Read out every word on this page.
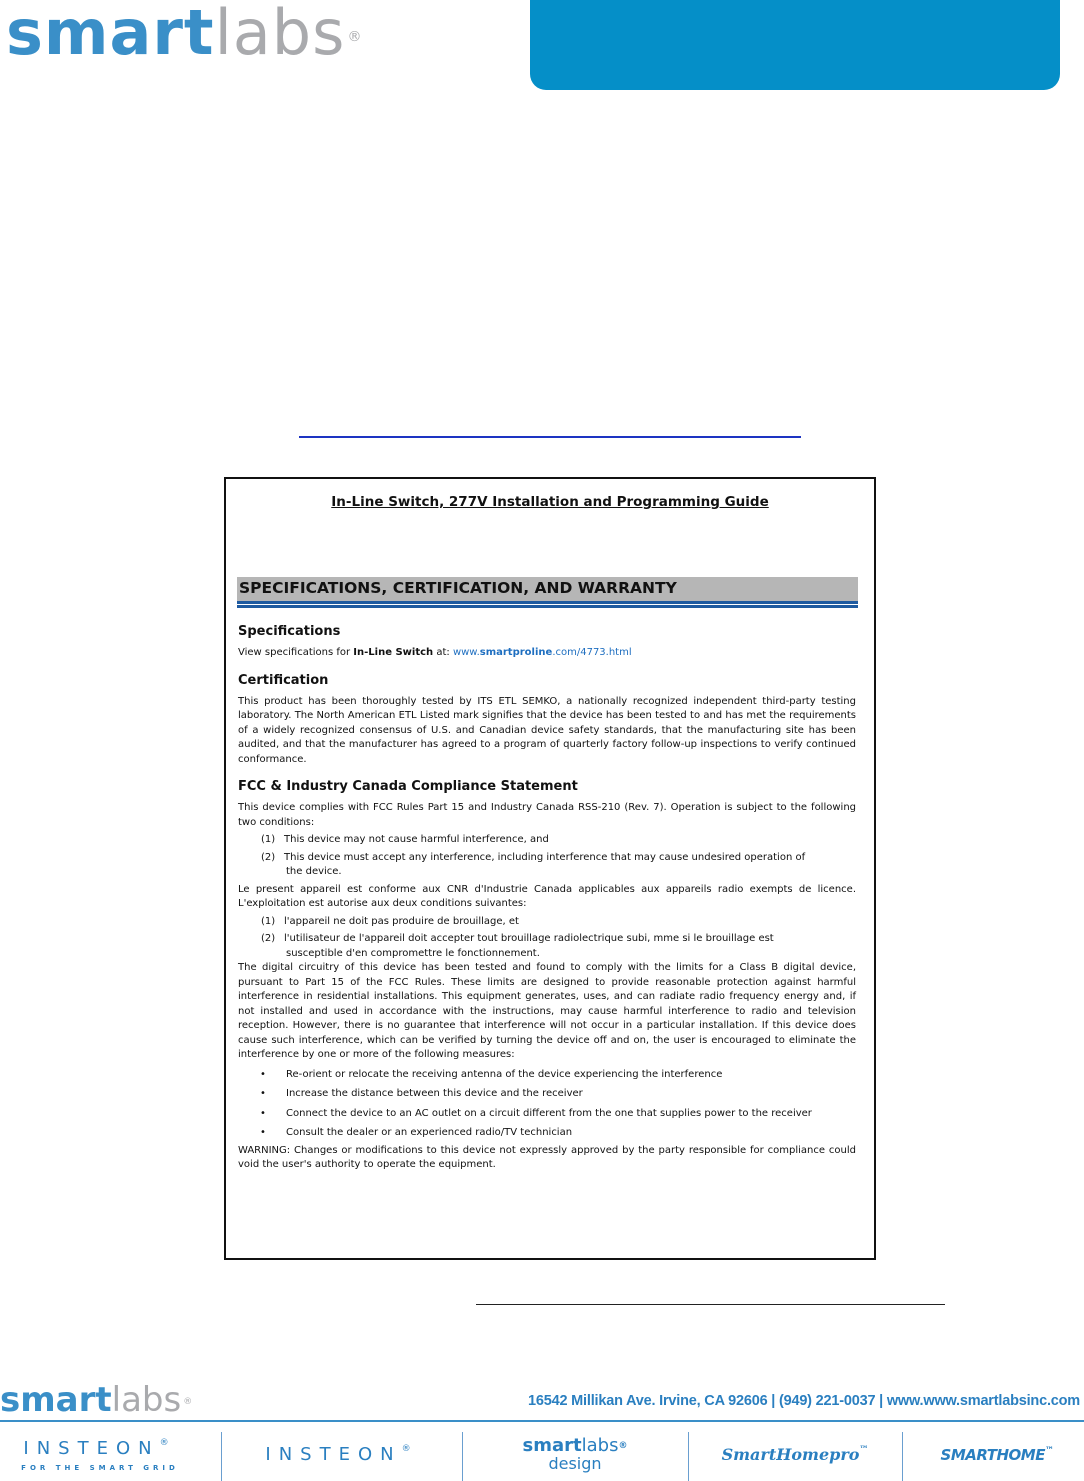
smartlabs ®
In-Line Switch, 277V Installation and Programming Guide
SPECIFICATIONS, CERTIFICATION, AND WARRANTY
Specifications

View specifications for In-Line Switch at: www.smartproline.com/4773.html

Certification

This product has been thoroughly tested by ITS ETL SEMKO, a nationally recognized independent third-party testing laboratory. The North American ETL Listed mark signifies that the device has been tested to and has met the requirements of a widely recognized consensus of U.S. and Canadian device safety standards, that the manufacturing site has been audited, and that the manufacturer has agreed to a program of quarterly factory follow-up inspections to verify continued conformance.

FCC & Industry Canada Compliance Statement

This device complies with FCC Rules Part 15 and Industry Canada RSS-210 (Rev. 7). Operation is subject to the following two conditions:

(1) This device may not cause harmful interference, and
(2) This device must accept any interference, including interference that may cause undesired operation of
the device.

Le present appareil est conforme aux CNR d'Industrie Canada applicables aux appareils radio exempts de licence. L'exploitation est autorise aux deux conditions suivantes:

(1) l'appareil ne doit pas produire de brouillage, et
(2) l'utilisateur de l'appareil doit accepter tout brouillage radiolectrique subi, mme si le brouillage est
susceptible d'en compromettre le fonctionnement.

The digital circuitry of this device has been tested and found to comply with the limits for a Class B digital device, pursuant to Part 15 of the FCC Rules. These limits are designed to provide reasonable protection against harmful interference in residential installations. This equipment generates, uses, and can radiate radio frequency energy and, if not installed and used in accordance with the instructions, may cause harmful interference to radio and television reception. However, there is no guarantee that interference will not occur in a particular installation. If this device does cause such interference, which can be verified by turning the device off and on, the user is encouraged to eliminate the interference by one or more of the following measures:

•	Re-orient or relocate the receiving antenna of the device experiencing the interference
•	Increase the distance between this device and the receiver
•	Connect the device to an AC outlet on a circuit different from the one that supplies power to the receiver
•	Consult the dealer or an experienced radio/TV technician

WARNING: Changes or modifications to this device not expressly approved by the party responsible for compliance could void the user's authority to operate the equipment.

smartlabs ®	16542 Millikan Ave. Irvine, CA 92606 | (949) 221-0037 | www.www.smartlabsinc.com
INSTEON®
FOR THE SMART GRID
INSTEON®	smartlabs®
design	SmartHomepro™	SMARTHOME™
